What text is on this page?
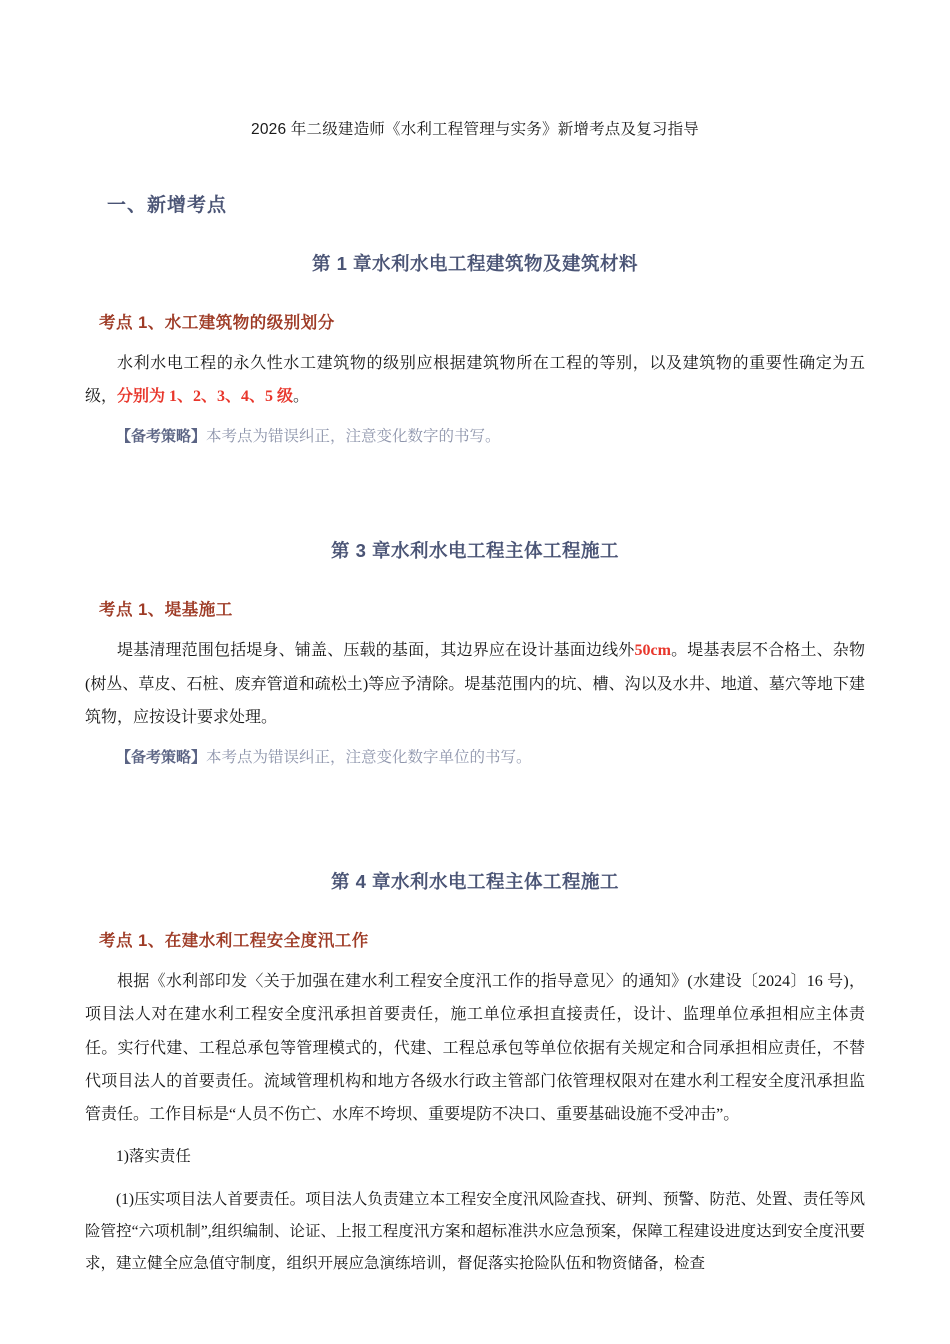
2026 年二级建造师《水利工程管理与实务》新增考点及复习指导
一、新增考点
第 1 章水利水电工程建筑物及建筑材料
考点 1、水工建筑物的级别划分

水利水电工程的永久性水工建筑物的级别应根据建筑物所在工程的等别，以及建筑物的重要性确定为五级，分别为 1、2、3、4、5 级。

【备考策略】本考点为错误纠正，注意变化数字的书写。

第 3 章水利水电工程主体工程施工
考点 1、堤基施工

堤基清理范围包括堤身、铺盖、压载的基面，其边界应在设计基面边线外50cm。堤基表层不合格土、杂物(树丛、草皮、石桩、废弃管道和疏松土)等应予清除。堤基范围内的坑、槽、沟以及水井、地道、墓穴等地下建筑物，应按设计要求处理。

【备考策略】本考点为错误纠正，注意变化数字单位的书写。

第 4 章水利水电工程主体工程施工
考点 1、在建水利工程安全度汛工作

根据《水利部印发〈关于加强在建水利工程安全度汛工作的指导意见〉的通知》(水建设〔2024〕16 号)，项目法人对在建水利工程安全度汛承担首要责任，施工单位承担直接责任，设计、监理单位承担相应主体责任。实行代建、工程总承包等管理模式的，代建、工程总承包等单位依据有关规定和合同承担相应责任，不替代项目法人的首要责任。流域管理机构和地方各级水行政主管部门依管理权限对在建水利工程安全度汛承担监管责任。工作目标是“人员不伤亡、水库不垮坝、重要堤防不决口、重要基础设施不受冲击”。

1)落实责任

(1)压实项目法人首要责任。项目法人负责建立本工程安全度汛风险查找、研判、预警、防范、处置、责任等风险管控“六项机制”,组织编制、论证、上报工程度汛方案和超标准洪水应急预案，保障工程建设进度达到安全度汛要求，建立健全应急值守制度，组织开展应急演练培训，督促落实抢险队伍和物资储备，检查
